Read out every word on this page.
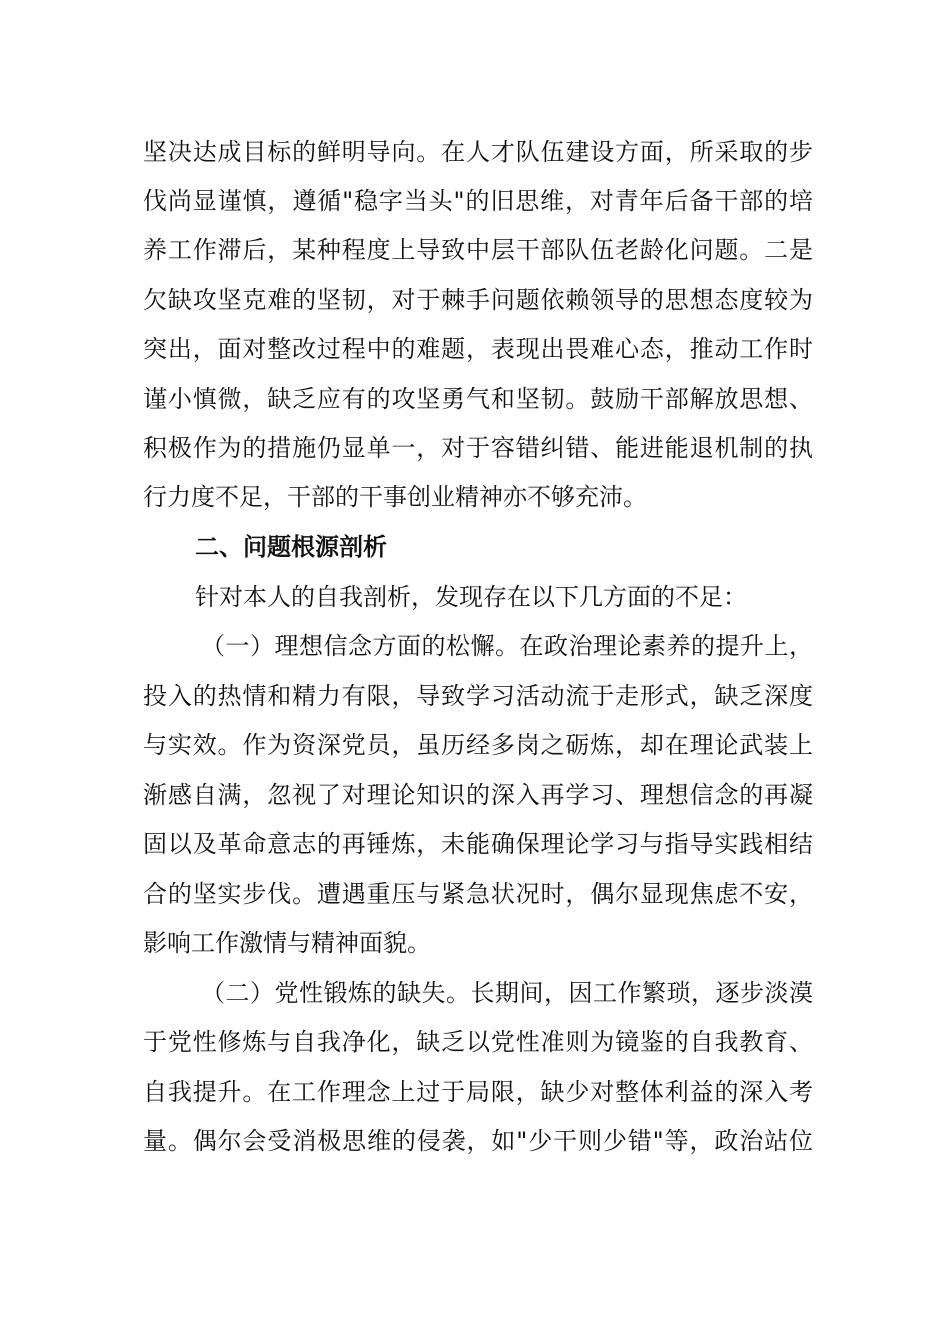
坚决达成目标的鲜明导向。在人才队伍建设方面，所采取的步
伐尚显谨慎，遵循"稳字当头"的旧思维，对青年后备干部的培
养工作滞后，某种程度上导致中层干部队伍老龄化问题。二是
欠缺攻坚克难的坚韧，对于棘手问题依赖领导的思想态度较为
突出，面对整改过程中的难题，表现出畏难心态，推动工作时
谨小慎微，缺乏应有的攻坚勇气和坚韧。鼓励干部解放思想、
积极作为的措施仍显单一，对于容错纠错、能进能退机制的执
行力度不足，干部的干事创业精神亦不够充沛。
二、问题根源剖析
针对本人的自我剖析，发现存在以下几方面的不足：
（一）理想信念方面的松懈。在政治理论素养的提升上，
投入的热情和精力有限，导致学习活动流于走形式，缺乏深度
与实效。作为资深党员，虽历经多岗之砺炼，却在理论武装上
渐感自满，忽视了对理论知识的深入再学习、理想信念的再凝
固以及革命意志的再锤炼，未能确保理论学习与指导实践相结
合的坚实步伐。遭遇重压与紧急状况时，偶尔显现焦虑不安，
影响工作激情与精神面貌。
（二）党性锻炼的缺失。长期间，因工作繁琐，逐步淡漠
于党性修炼与自我净化，缺乏以党性准则为镜鉴的自我教育、
自我提升。在工作理念上过于局限，缺少对整体利益的深入考
量。偶尔会受消极思维的侵袭，如"少干则少错"等，政治站位
